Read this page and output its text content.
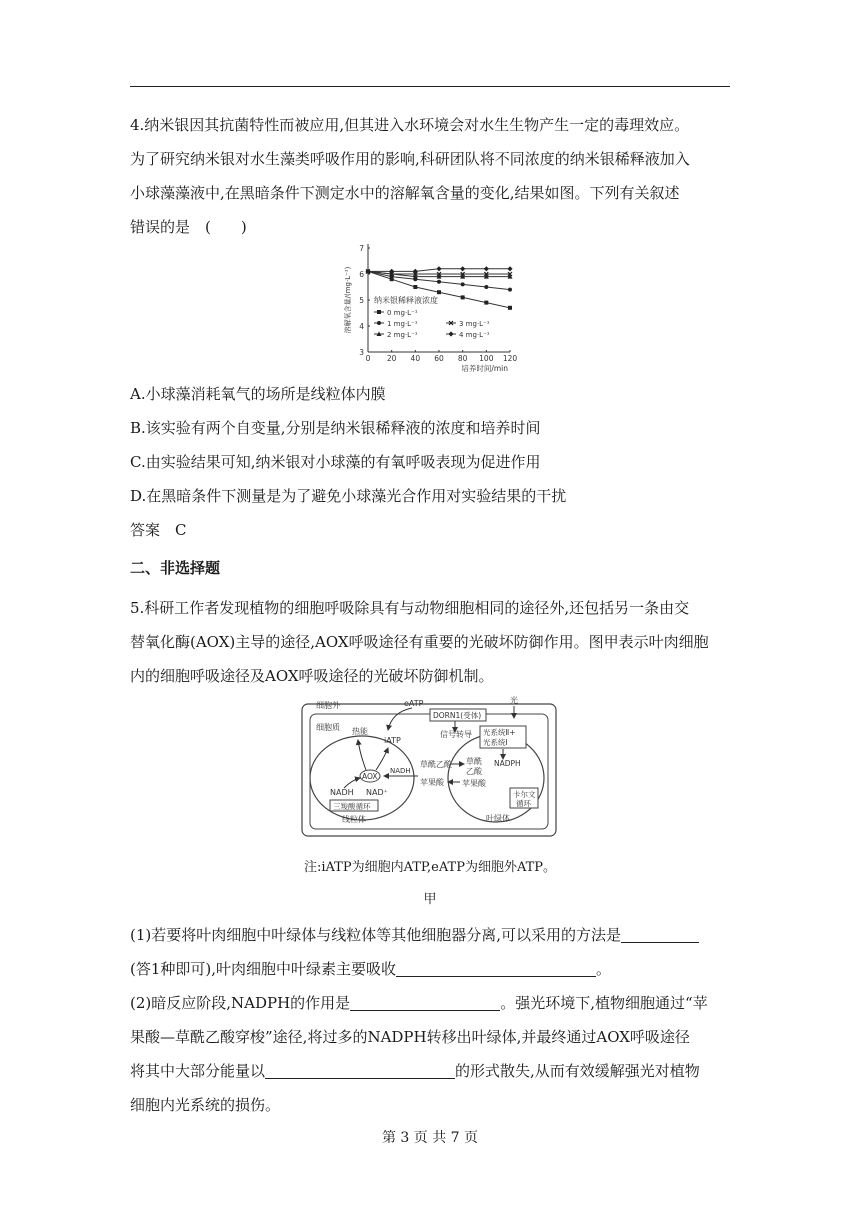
4.纳米银因其抗菌特性而被应用,但其进入水环境会对水生生物产生一定的毒理效应。
为了研究纳米银对水生藻类呼吸作用的影响,科研团队将不同浓度的纳米银稀释液加入
小球藻藻液中,在黑暗条件下测定水中的溶解氧含量的变化,结果如图。下列有关叙述
错误的是　(　　)
0 20 40 60 80 100 120
3
4
5
6
7
培养时间/min
溶解氧含量/(mg·L⁻¹)	纳米银稀释液浓度
0 mg·L⁻¹
1 mg·L⁻¹
2 mg·L⁻¹
3 mg·L⁻¹
4 mg·L⁻¹
A.小球藻消耗氧气的场所是线粒体内膜
B.该实验有两个自变量,分别是纳米银稀释液的浓度和培养时间
C.由实验结果可知,纳米银对小球藻的有氧呼吸表现为促进作用
D.在黑暗条件下测量是为了避免小球藻光合作用对实验结果的干扰
答案　C
二、非选择题
5.科研工作者发现植物的细胞呼吸除具有与动物细胞相同的途径外,还包括另一条由交
替氧化酶(AOX)主导的途径,AOX呼吸途径有重要的光破坏防御作用。图甲表示叶肉细胞
内的细胞呼吸途径及AOX呼吸途径的光破坏防御机制。
细胞外
光
eATP
DORN1(受体)
细胞质 热能
iATP
AOX
NADH NAD⁺
三羧酸循环
线粒体
NADH
草酰乙酸
苹果酸
信号转导 光系统Ⅱ+
光系统Ⅰ
草酰
乙酸
NADPH
苹果酸
卡尔文
循环
叶绿体
注:iATP为细胞内ATP,eATP为细胞外ATP。
甲
(1)若要将叶肉细胞中叶绿体与线粒体等其他细胞器分离,可以采用的方法是
(答1种即可),叶肉细胞中叶绿素主要吸收	。
(2)暗反应阶段,NADPH的作用是	。强光环境下,植物细胞通过“苹
果酸—草酰乙酸穿梭”途径,将过多的NADPH转移出叶绿体,并最终通过AOX呼吸途径
将其中大部分能量以	的形式散失,从而有效缓解强光对植物
细胞内光系统的损伤。
第 3 页 共 7 页
